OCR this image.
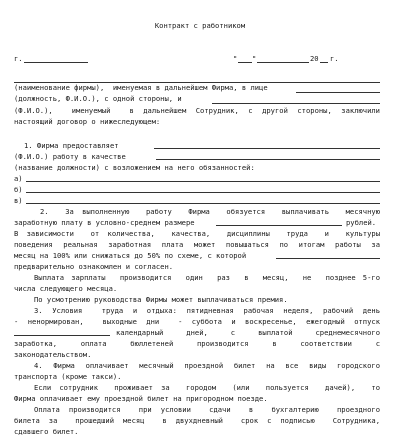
Контракт с работником
г.	" "	20 г.
(наименование фирмы),  именуемая в дальнейшем Фирма, в лице
(должность, Ф.И.О.), с одной стороны, и
(Ф.И.О.),  именуемый  в дальнейшем Сотрудник, с другой стороны, заключили
настоящий договор о нижеследующем:
1. Фирма предоставляет
(Ф.И.О.) работу в качестве
(название должности) с возложением на него обязанностей:
а)
б)
в)
2.  За выполненную  работу  Фирма  обязуется  выплачивать  месячную
заработную плату в условно-среднем размере	рублей.
В зависимости  от количества,  качества,  дисциплины  труда  и  культуры
поведения реальная заработная плата может повышаться по итогам работы за
месяц на 100% или снижаться до 50% по схеме, с которой
предварительно ознакомлен и согласен.
Выплата зарплаты  производится  один  раз  в  месяц,  не  позднее 5-го
числа следующего месяца.
По усмотрению руководства Фирмы может выплачиваться премия.
3. Условия  труда и отдыха: пятидневная рабочая неделя, рабочий день
- ненормирован,  выходные дни  - суббота и воскресенье, ежегодный отпуск
календарный  дней,  с  выплатой  среднемесячного
заработка,    оплата    бюллетеней    производится    в    соответствии    с
законодательством.
4. Фирма оплачивает месячный проездной билет на все виды городского
транспорта (кроме такси).
Если сотрудник  проживает за  городом  (или  пользуется  дачей),  то
Фирма оплачивает ему проездной билет на пригородном поезде.
Оплата производится  при условии  сдачи  в  бухгалтерию  проездного
билета за  прошедший месяц  в двухдневный  срок с подписью  Сотрудника,
сдавшего билет.
